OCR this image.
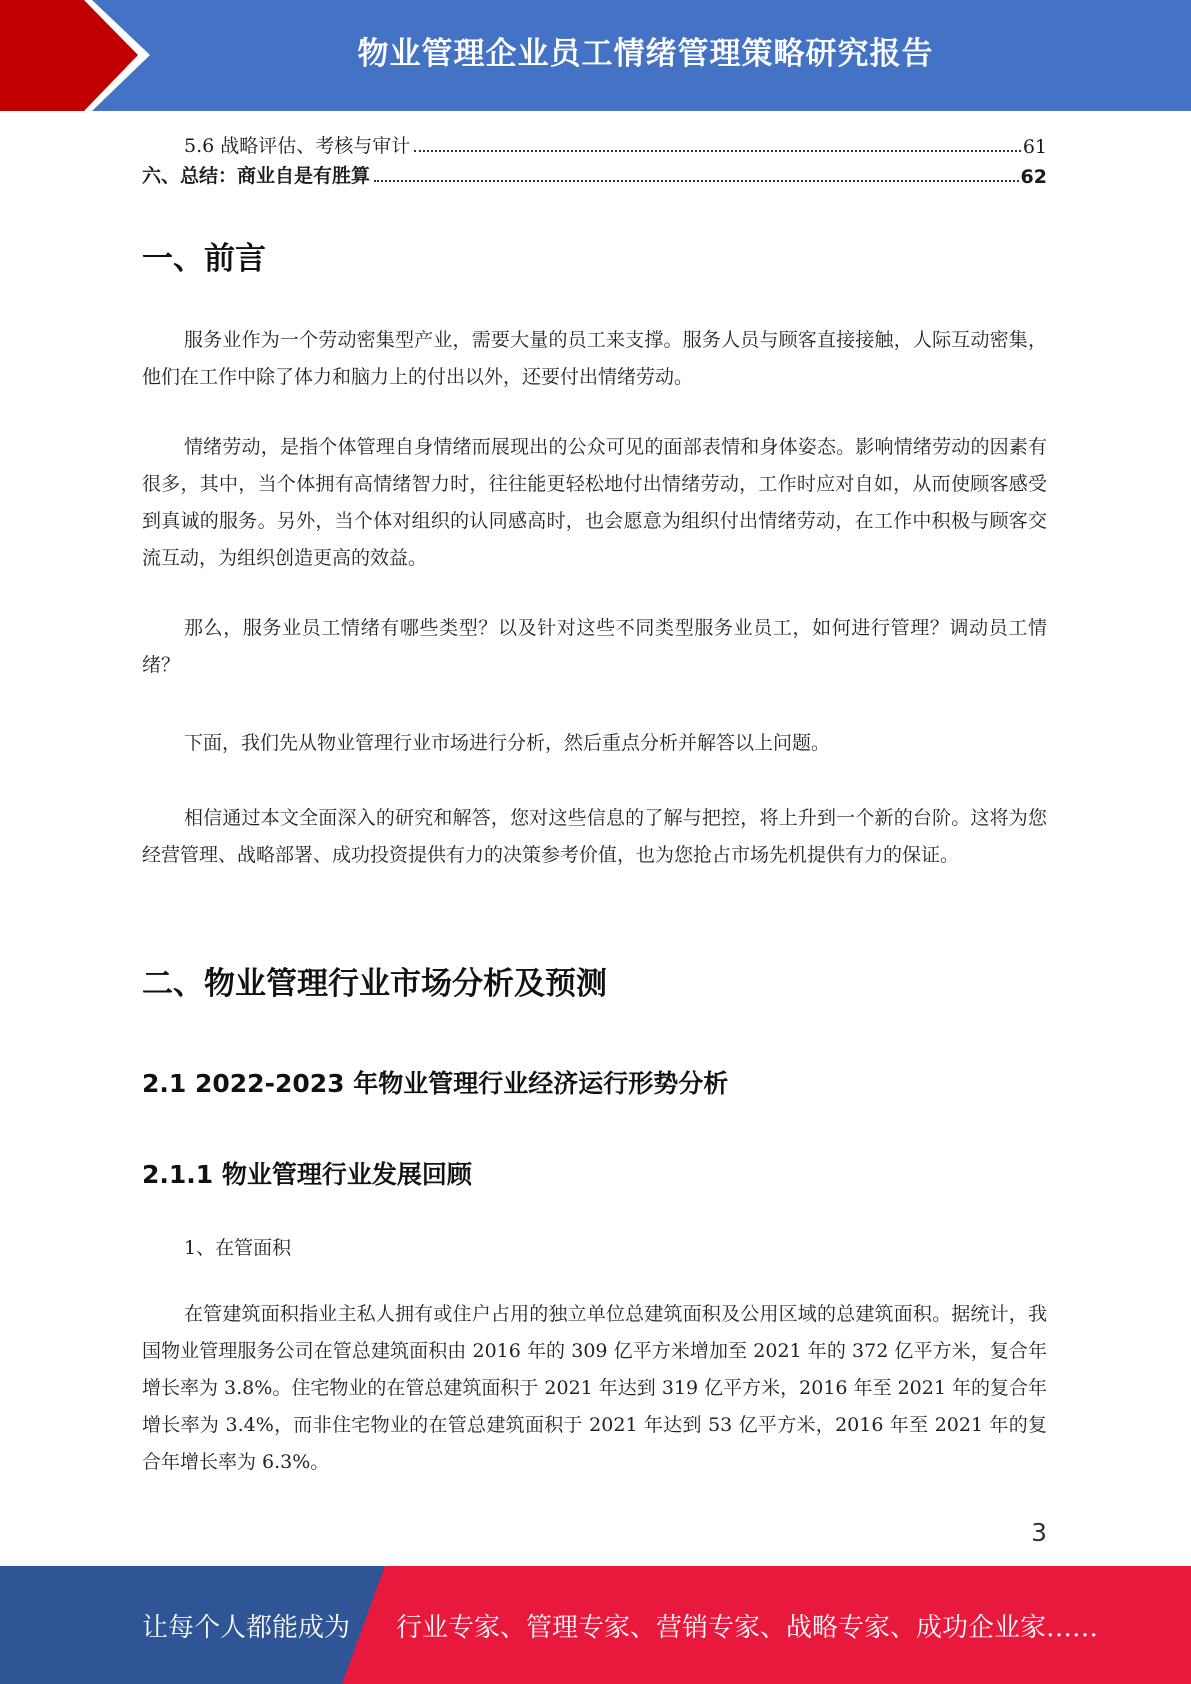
物业管理企业员工情绪管理策略研究报告
5.6 战略评估、考核与审计	61
六、总结：商业自是有胜算	62
一、前言

服务业作为一个劳动密集型产业，需要大量的员工来支撑。服务人员与顾客直接接触，人际互动密集，他们在工作中除了体力和脑力上的付出以外，还要付出情绪劳动。

情绪劳动，是指个体管理自身情绪而展现出的公众可见的面部表情和身体姿态。影响情绪劳动的因素有很多，其中，当个体拥有高情绪智力时，往往能更轻松地付出情绪劳动，工作时应对自如，从而使顾客感受到真诚的服务。另外，当个体对组织的认同感高时，也会愿意为组织付出情绪劳动，在工作中积极与顾客交流互动，为组织创造更高的效益。

那么，服务业员工情绪有哪些类型？以及针对这些不同类型服务业员工，如何进行管理？调动员工情绪？

下面，我们先从物业管理行业市场进行分析，然后重点分析并解答以上问题。

相信通过本文全面深入的研究和解答，您对这些信息的了解与把控，将上升到一个新的台阶。这将为您经营管理、战略部署、成功投资提供有力的决策参考价值，也为您抢占市场先机提供有力的保证。

二、物业管理行业市场分析及预测
2.1 2022-2023 年物业管理行业经济运行形势分析
2.1.1 物业管理行业发展回顾
1、在管面积

在管建筑面积指业主私人拥有或住户占用的独立单位总建筑面积及公用区域的总建筑面积。据统计，我国物业管理服务公司在管总建筑面积由 2016 年的 309 亿平方米增加至 2021 年的 372 亿平方米，复合年增长率为 3.8%。住宅物业的在管总建筑面积于 2021 年达到 319 亿平方米，2016 年至 2021 年的复合年增长率为 3.4%，而非住宅物业的在管总建筑面积于 2021 年达到 53 亿平方米，2016 年至 2021 年的复合年增长率为 6.3%。

3
让每个人都能成为 行业专家、管理专家、营销专家、战略专家、成功企业家……
